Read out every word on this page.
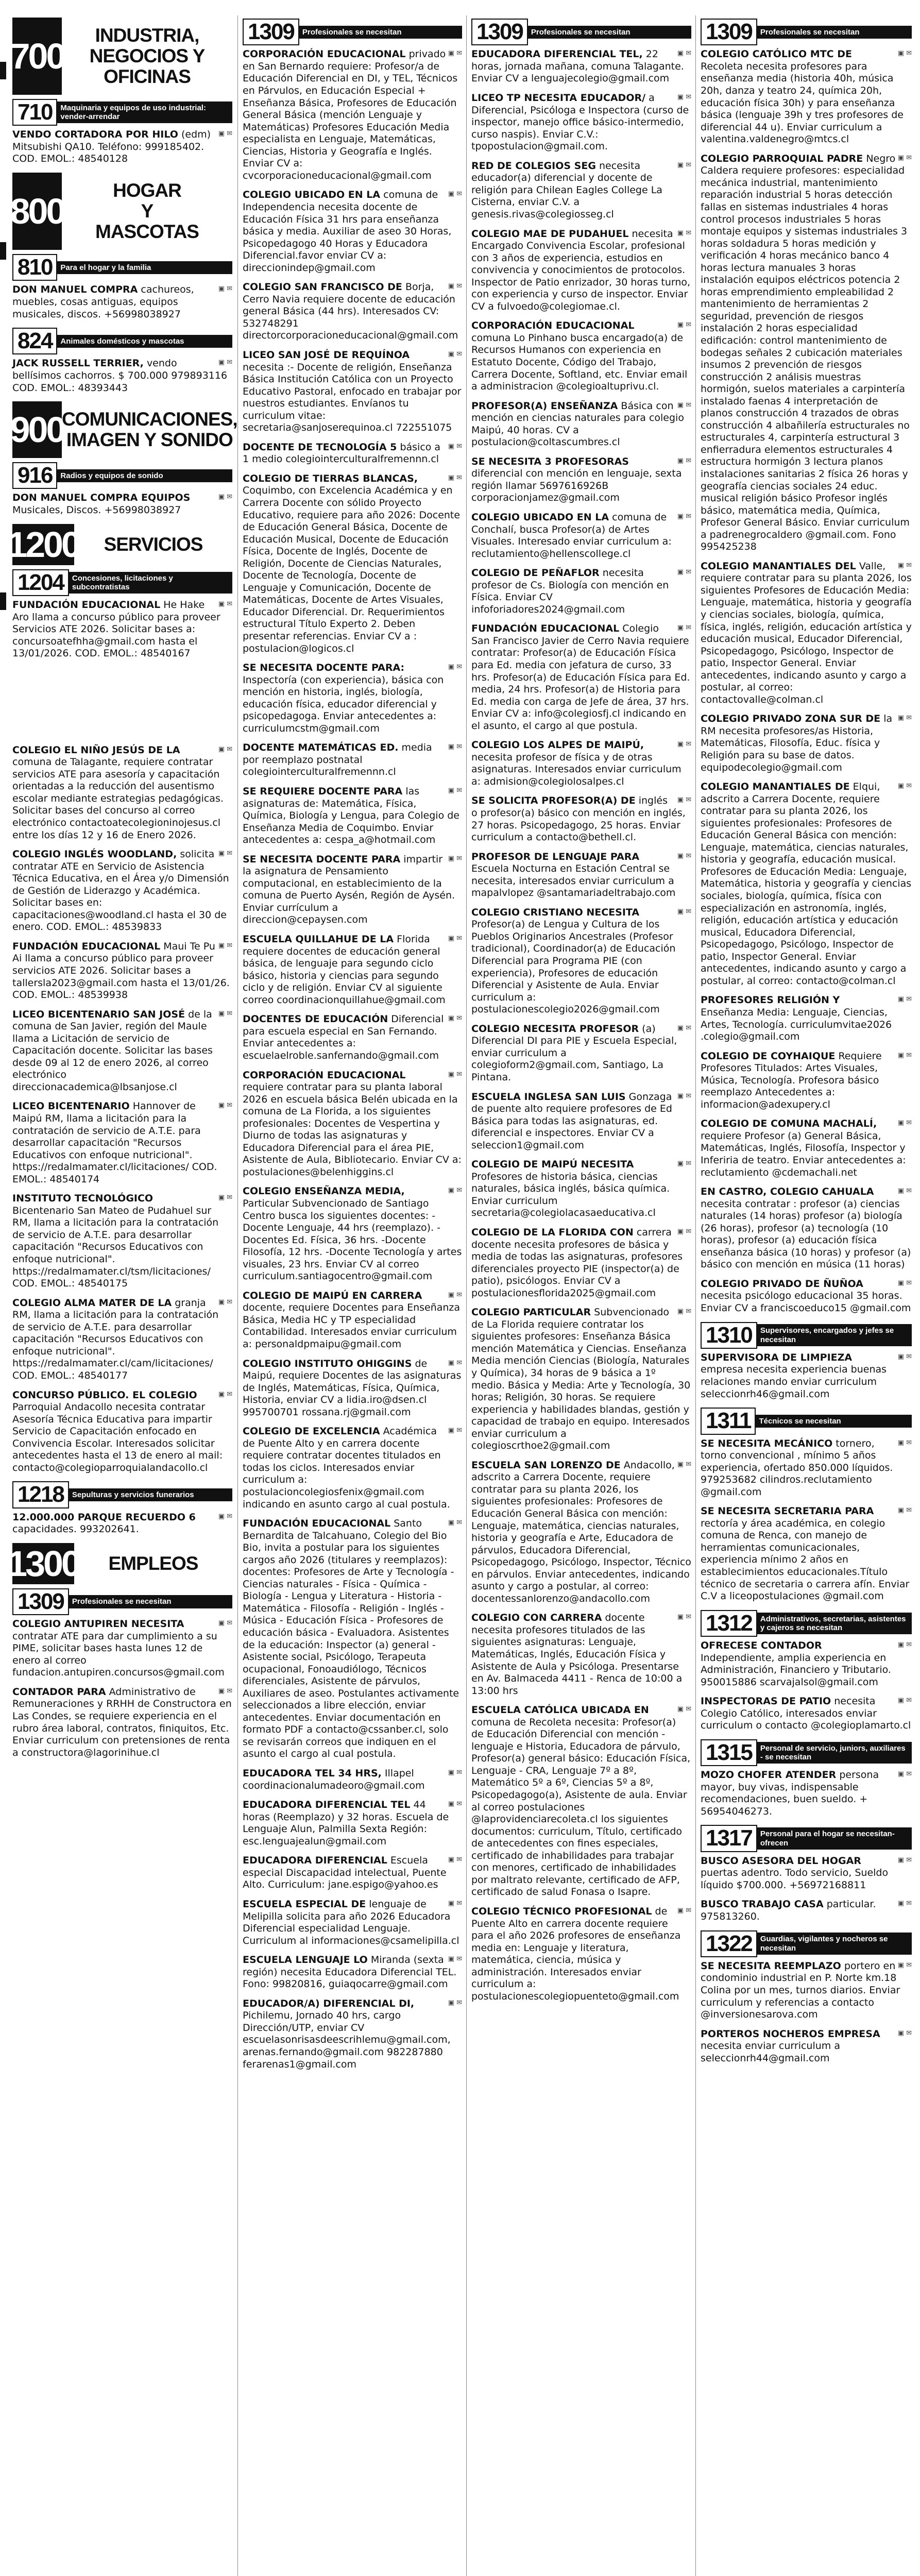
700
INDUSTRIA,
NEGOCIOS Y
OFICINAS
710	Maquinaria y equipos de uso industrial: vender-arrendar

▣ ✉
VENDO CORTADORA POR HILO (edm) Mitsubishi QA10. Teléfono: 999185402. COD. EMOL.: 48540128

800
HOGAR
Y
MASCOTAS
810	Para el hogar y la familia

▣ ✉
DON MANUEL COMPRA cachureos, muebles, cosas antiguas, equipos musicales, discos. +56998038927

824	Animales domésticos y mascotas

▣ ✉
JACK RUSSELL TERRIER, vendo bellísimos cachorros. $ 700.000 979893116 COD. EMOL.: 48393443

900
COMUNICACIONES,
IMAGEN Y SONIDO
916	Radios y equipos de sonido

▣ ✉
DON MANUEL COMPRA EQUIPOS Musicales, Discos. +56998038927

1200	SERVICIOS
1204	Concesiones, licitaciones y subcontratistas

▣ ✉
FUNDACIÓN EDUCACIONAL He Hake Aro llama a concurso público para proveer Servicios ATE 2026. Solicitar bases a: concursoatefhha@gmail.com hasta el 13/01/2026. COD. EMOL.: 48540167

▣ ✉
COLEGIO EL NIÑO JESÚS DE LA comuna de Talagante, requiere contratar servicios ATE para asesoría y capacitación orientadas a la reducción del ausentismo escolar mediante estrategias pedagógicas. Solicitar bases del concurso al correo electrónico contactoatecolegioninojesus.cl entre los días 12 y 16 de Enero 2026.

▣ ✉
COLEGIO INGLÉS WOODLAND, solicita contratar ATE en Servicio de Asistencia Técnica Educativa, en el Área y/o Dimensión de Gestión de Liderazgo y Académica. Solicitar bases en: capacitaciones@woodland.cl hasta el 30 de enero. COD. EMOL.: 48539833

▣ ✉
FUNDACIÓN EDUCACIONAL Maui Te Pu Ai llama a concurso público para proveer servicios ATE 2026. Solicitar bases a tallersla2023@gmail.com hasta el 13/01/26. COD. EMOL.: 48539938

▣ ✉
LICEO BICENTENARIO SAN JOSÉ de la comuna de San Javier, región del Maule llama a Licitación de servicio de Capacitación docente. Solicitar las bases desde 09 al 12 de enero 2026, al correo electrónico direccionacademica@lbsanjose.cl

▣ ✉
LICEO BICENTENARIO Hannover de Maipú RM, llama a licitación para la contratación de servicio de A.T.E. para desarrollar capacitación "Recursos Educativos con enfoque nutricional". https://redalmamater.cl/licitaciones/ COD. EMOL.: 48540174

▣ ✉
INSTITUTO TECNOLÓGICO Bicentenario San Mateo de Pudahuel sur RM, llama a licitación para la contratación de servicio de A.T.E. para desarrollar capacitación "Recursos Educativos con enfoque nutricional". https://redalmamater.cl/tsm/licitaciones/ COD. EMOL.: 48540175

▣ ✉
COLEGIO ALMA MATER DE LA granja RM, llama a licitación para la contratación de servicio de A.T.E. para desarrollar capacitación "Recursos Educativos con enfoque nutricional". https://redalmamater.cl/cam/licitaciones/ COD. EMOL.: 48540177

▣ ✉
CONCURSO PÚBLICO. EL COLEGIO Parroquial Andacollo necesita contratar Asesoría Técnica Educativa para impartir Servicio de Capacitación enfocado en Convivencia Escolar. Interesados solicitar antecedentes hasta el 13 de enero al mail: contacto@colegioparroquialandacollo.cl

1218	Sepulturas y servicios funerarios

▣ ✉
12.000.000 PARQUE RECUERDO 6 capacidades. 993202641.

1300	EMPLEOS
1309	Profesionales se necesitan

▣ ✉
COLEGIO ANTUPIREN NECESITA contratar ATE para dar cumplimiento a su PIME, solicitar bases hasta lunes 12 de enero al correo fundacion.antupiren.concursos@gmail.com

▣ ✉
CONTADOR PARA Administrativo de Remuneraciones y RRHH de Constructora en Las Condes, se requiere experiencia en el rubro área laboral, contratos, finiquitos, Etc. Enviar curriculum con pretensiones de renta a constructora@lagorinihue.cl

1309	Profesionales se necesitan

▣ ✉
CORPORACIÓN EDUCACIONAL privado en San Bernardo requiere: Profesor/a de Educación Diferencial en DI, y TEL, Técnicos en Párvulos, en Educación Especial + Enseñanza Básica, Profesores de Educación General Básica (mención Lenguaje y Matemáticas) Profesores Educación Media especialista en Lenguaje, Matemáticas, Ciencias, Historia y Geografía e Inglés. Enviar CV a: cvcorporacioneducacional@gmail.com

▣ ✉
COLEGIO UBICADO EN LA comuna de Independencia necesita docente de Educación Física 31 hrs para enseñanza básica y media. Auxiliar de aseo 30 Horas, Psicopedagogo 40 Horas y Educadora Diferencial.favor enviar CV a: direccionindep@gmail.com

▣ ✉
COLEGIO SAN FRANCISCO DE Borja, Cerro Navia requiere docente de educación general Básica (44 hrs). Interesados CV: 532748291 directorcorporacioneducacional@gmail.com

▣ ✉
LICEO SAN JOSÉ DE REQUÍNOA necesita :- Docente de religión, Enseñanza Básica Institución Católica con un Proyecto Educativo Pastoral, enfocado en trabajar por nuestros estudiantes. Envíanos tu curriculum vitae: secretaria@sanjoserequinoa.cl 722551075

▣ ✉
DOCENTE DE TECNOLOGÍA 5 básico a 1 medio colegiointerculturalfremennn.cl

▣ ✉
COLEGIO DE TIERRAS BLANCAS, Coquimbo, con Excelencia Académica y en Carrera Docente con sólido Proyecto Educativo, requiere para año 2026: Docente de Educación General Básica, Docente de Educación Musical, Docente de Educación Física, Docente de Inglés, Docente de Religión, Docente de Ciencias Naturales, Docente de Tecnología, Docente de Lenguaje y Comunicación, Docente de Matemáticas, Docente de Artes Visuales, Educador Diferencial. Dr. Requerimientos estructural Título Experto 2. Deben presentar referencias. Enviar CV a : postulacion@logicos.cl

▣ ✉
SE NECESITA DOCENTE PARA: Inspectoría (con experiencia), básica con mención en historia, inglés, biología, educación física, educador diferencial y psicopedagoga. Enviar antecedentes a: curriculumcstm@gmail.com

▣ ✉
DOCENTE MATEMÁTICAS ED. media por reemplazo postnatal colegiointerculturalfremennn.cl

▣ ✉
SE REQUIERE DOCENTE PARA las asignaturas de: Matemática, Física, Química, Biología y Lengua, para Colegio de Enseñanza Media de Coquimbo. Enviar antecedentes a: cespa_a@hotmail.com

▣ ✉
SE NECESITA DOCENTE PARA impartir la asignatura de Pensamiento computacional, en establecimiento de la comuna de Puerto Aysén, Región de Aysén. Enviar currículum a direccion@cepaysen.com

▣ ✉
ESCUELA QUILLAHUE DE LA Florida requiere docentes de educación general básica, de lenguaje para segundo ciclo básico, historia y ciencias para segundo ciclo y de religión. Enviar CV al siguiente correo coordinacionquillahue@gmail.com

▣ ✉
DOCENTES DE EDUCACIÓN Diferencial para escuela especial en San Fernando. Enviar antecedentes a: escuelaelroble.sanfernando@gmail.com

▣ ✉
CORPORACIÓN EDUCACIONAL requiere contratar para su planta laboral 2026 en escuela básica Belén ubicada en la comuna de La Florida, a los siguientes profesionales: Docentes de Vespertina y Diurno de todas las asignaturas y Educadora Diferencial para el área PIE, Asistente de Aula, Bibliotecario. Enviar CV a: postulaciones@belenhiggins.cl

▣ ✉
COLEGIO ENSEÑANZA MEDIA, Particular Subvencionado de Santiago Centro busca los siguientes docentes: -Docente Lenguaje, 44 hrs (reemplazo). -Docentes Ed. Física, 36 hrs. -Docente Filosofía, 12 hrs. -Docente Tecnología y artes visuales, 23 hrs. Enviar CV al correo curriculum.santiagocentro@gmail.com

▣ ✉
COLEGIO DE MAIPÚ EN CARRERA docente, requiere Docentes para Enseñanza Básica, Media HC y TP especialidad Contabilidad. Interesados enviar curriculum a: personaldpmaipu@gmail.com

▣ ✉
COLEGIO INSTITUTO OHIGGINS de Maipú, requiere Docentes de las asignaturas de Inglés, Matemáticas, Física, Química, Historia, enviar CV a lidia.iro@dsen.cl 995700701 rossana.rj@gmail.com

▣ ✉
COLEGIO DE EXCELENCIA Académica de Puente Alto y en carrera docente requiere contratar docentes titulados en todas los ciclos. Interesados enviar curriculum a: postulacioncolegiosfenix@gmail.com indicando en asunto cargo al cual postula.

▣ ✉
FUNDACIÓN EDUCACIONAL Santo Bernardita de Talcahuano, Colegio del Bio Bio, invita a postular para los siguientes cargos año 2026 (titulares y reemplazos): docentes: Profesores de Arte y Tecnología - Ciencias naturales - Física - Química - Biología - Lengua y Literatura - Historia - Matemática - Filosofía - Religión - Inglés - Música - Educación Física - Profesores de educación básica - Evaluadora. Asistentes de la educación: Inspector (a) general - Asistente social, Psicólogo, Terapeuta ocupacional, Fonoaudiólogo, Técnicos diferenciales, Asistente de párvulos, Auxiliares de aseo. Postulantes activamente seleccionados a libre elección, enviar antecedentes. Enviar documentación en formato PDF a contacto@cssanber.cl, solo se revisarán correos que indiquen en el asunto el cargo al cual postula.

▣ ✉
EDUCADORA TEL 34 HRS, Illapel coordinacionalumadeoro@gmail.com

▣ ✉
EDUCADORA DIFERENCIAL TEL 44 horas (Reemplazo) y 32 horas. Escuela de Lenguaje Alun, Palmilla Sexta Región: esc.lenguajealun@gmail.com

▣ ✉
EDUCADORA DIFERENCIAL Escuela especial Discapacidad intelectual, Puente Alto. Curriculum: jane.espigo@yahoo.es

▣ ✉
ESCUELA ESPECIAL DE lenguaje de Melipilla solicita para año 2026 Educadora Diferencial especialidad Lenguaje. Curriculum al informaciones@csamelipilla.cl

▣ ✉
ESCUELA LENGUAJE LO Miranda (sexta región) necesita Educadora Diferencial TEL. Fono: 99820816, guiaqocarre@gmail.com

▣ ✉
EDUCADOR/A) DIFERENCIAL DI, Pichilemu, Jornado 40 hrs, cargo Dirección/UTP, enviar CV escuelasonrisasdeescrihlemu@gmail.com, arenas.fernando@gmail.com 982287880 ferarenas1@gmail.com

1309	Profesionales se necesitan

▣ ✉
EDUCADORA DIFERENCIAL TEL, 22 horas, jornada mañana, comuna Talagante. Enviar CV a lenguajecolegio@gmail.com

▣ ✉
LICEO TP NECESITA EDUCADOR/ a Diferencial, Psicóloga e Inspectora (curso de inspector, manejo office básico-intermedio, curso naspis). Enviar C.V.: tpopostulacion@gmail.com.

▣ ✉
RED DE COLEGIOS SEG necesita educador(a) diferencial y docente de religión para Chilean Eagles College La Cisterna, enviar C.V. a genesis.rivas@colegiosseg.cl

▣ ✉
COLEGIO MAE DE PUDAHUEL necesita Encargado Convivencia Escolar, profesional con 3 años de experiencia, estudios en convivencia y conocimientos de protocolos. Inspector de Patio enrizador, 30 horas turno, con experiencia y curso de inspector. Enviar CV a fulvoedo@colegiomae.cl.

▣ ✉
CORPORACIÓN EDUCACIONAL comuna Lo Pinhano busca encargado(a) de Recursos Humanos con experiencia en Estatuto Docente, Código del Trabajo, Carrera Docente, Softland, etc. Enviar email a administracion @colegioaltuprivu.cl.

▣ ✉
PROFESOR(A) ENSEÑANZA Básica con mención en ciencias naturales para colegio Maipú, 40 horas. CV a postulacion@coltascumbres.cl

▣ ✉
SE NECESITA 3 PROFESORAS diferencial con mención en lenguaje, sexta región llamar 5697616926B corporacionjamez@gmail.com

▣ ✉
COLEGIO UBICADO EN LA comuna de Conchalí, busca Profesor(a) de Artes Visuales. Interesado enviar curriculum a: reclutamiento@hellenscollege.cl

▣ ✉
COLEGIO DE PEÑAFLOR necesita profesor de Cs. Biología con mención en Física. Enviar CV infoforiadores2024@gmail.com

▣ ✉
FUNDACIÓN EDUCACIONAL Colegio San Francisco Javier de Cerro Navia requiere contratar: Profesor(a) de Educación Física para Ed. media con jefatura de curso, 33 hrs. Profesor(a) de Educación Física para Ed. media, 24 hrs. Profesor(a) de Historia para Ed. media con carga de Jefe de área, 37 hrs. Enviar CV a: info@colegiosfj.cl indicando en el asunto, el cargo al que postula.

▣ ✉
COLEGIO LOS ALPES DE MAIPÚ, necesita profesor de física y de otras asignaturas. Interesados enviar curriculum a: admision@colegiolosalpes.cl

▣ ✉
SE SOLICITA PROFESOR(A) DE inglés o profesor(a) básico con mención en inglés, 27 horas. Psicopedagogo, 25 horas. Enviar curriculum a contacto@bethell.cl.

▣ ✉
PROFESOR DE LENGUAJE PARA Escuela Nocturna en Estación Central se necesita, interesados enviar curriculum a mapalvlopez @santamariadeltrabajo.com

▣ ✉
COLEGIO CRISTIANO NECESITA Profesor(a) de Lengua y Cultura de los Pueblos Originarios Ancestrales (Profesor tradicional), Coordinador(a) de Educación Diferencial para Programa PIE (con experiencia), Profesores de educación Diferencial y Asistente de Aula. Enviar curriculum a: postulacionescolegio2026@gmail.com

▣ ✉
COLEGIO NECESITA PROFESOR (a) Diferencial DI para PIE y Escuela Especial, enviar curriculum a colegioform2@gmail.com, Santiago, La Pintana.

▣ ✉
ESCUELA INGLESA SAN LUIS Gonzaga de puente alto requiere profesores de Ed Básica para todas las asignaturas, ed. diferencial e inspectores. Enviar CV a seleccion1@gmail.com

▣ ✉
COLEGIO DE MAIPÚ NECESITA Profesores de historia básica, ciencias naturales, básica inglés, básica química. Enviar curriculum secretaria@colegiolacasaeducativa.cl

▣ ✉
COLEGIO DE LA FLORIDA CON carrera docente necesita profesores de básica y media de todas las asignaturas, profesores diferenciales proyecto PIE (inspector(a) de patio), psicólogos. Enviar CV a postulacionesflorida2025@gmail.com

▣ ✉
COLEGIO PARTICULAR Subvencionado de La Florida requiere contratar los siguientes profesores: Enseñanza Básica mención Matemática y Ciencias. Enseñanza Media mención Ciencias (Biología, Naturales y Química), 34 horas de 9 básica a 1º medio. Básica y Media: Arte y Tecnología, 30 horas; Religión, 30 horas. Se requiere experiencia y habilidades blandas, gestión y capacidad de trabajo en equipo. Interesados enviar curriculum a colegioscrthoe2@gmail.com

▣ ✉
ESCUELA SAN LORENZO DE Andacollo, adscrito a Carrera Docente, requiere contratar para su planta 2026, los siguientes profesionales: Profesores de Educación General Básica con mención: Lenguaje, matemática, ciencias naturales, historia y geografía e Arte, Educadora de párvulos, Educadora Diferencial, Psicopedagogo, Psicólogo, Inspector, Técnico en párvulos. Enviar antecedentes, indicando asunto y cargo a postular, al correo: docentessanlorenzo@andacollo.com

▣ ✉
COLEGIO CON CARRERA docente necesita profesores titulados de las siguientes asignaturas: Lenguaje, Matemáticas, Inglés, Educación Física y Asistente de Aula y Psicóloga. Presentarse en Av. Balmaceda 4411 - Renca de 10:00 a 13:00 hrs

▣ ✉
ESCUELA CATÓLICA UBICADA EN comuna de Recoleta necesita: Profesor(a) de Educación Diferencial con mención - lenguaje e Historia, Educadora de párvulo, Profesor(a) general básico: Educación Física, Lenguaje - CRA, Lenguaje 7º a 8º, Matemático 5º a 6º, Ciencias 5º a 8º, Psicopedagogo(a), Asistente de aula. Enviar al correo postulaciones @laprovidenciarecoleta.cl los siguientes documentos: curriculum, Título, certificado de antecedentes con fines especiales, certificado de inhabilidades para trabajar con menores, certificado de inhabilidades por maltrato relevante, certificado de AFP, certificado de salud Fonasa o Isapre.

▣ ✉
COLEGIO TÉCNICO PROFESIONAL de Puente Alto en carrera docente requiere para el año 2026 profesores de enseñanza media en: Lenguaje y literatura, matemática, ciencia, música y administración. Interesados enviar curriculum a: postulacionescolegiopuenteto@gmail.com

1309	Profesionales se necesitan

▣ ✉
COLEGIO CATÓLICO MTC DE Recoleta necesita profesores para enseñanza media (historia 40h, música 20h, danza y teatro 24, química 20h, educación física 30h) y para enseñanza básica (lenguaje 39h y tres profesores de diferencial 44 u). Enviar curriculum a valentina.valdenegro@mtcs.cl

▣ ✉
COLEGIO PARROQUIAL PADRE Negro Caldera requiere profesores: especialidad mecánica industrial, mantenimiento reparación industrial 5 horas detección fallas en sistemas industriales 4 horas control procesos industriales 5 horas montaje equipos y sistemas industriales 3 horas soldadura 5 horas medición y verificación 4 horas mecánico banco 4 horas lectura manuales 3 horas instalación equipos eléctricos potencia 2 horas emprendimiento empleabilidad 2 mantenimiento de herramientas 2 seguridad, prevención de riesgos instalación 2 horas especialidad edificación: control mantenimiento de bodegas señales 2 cubicación materiales insumos 2 prevención de riesgos construcción 2 análisis muestras hormigón, suelos materiales a carpintería instalado faenas 4 interpretación de planos construcción 4 trazados de obras construcción 4 albañilería estructurales no estructurales 4, carpintería estructural 3 enfierradura elementos estructurales 4 estructura hormigón 3 lectura planos instalaciones sanitarias 2 física 26 horas y geografía ciencias sociales 24 educ. musical religión básico Profesor inglés básico, matemática media, Química, Profesor General Básico. Enviar curriculum a padrenegrocaldero @gmail.com. Fono 995425238

▣ ✉
COLEGIO MANANTIALES DEL Valle, requiere contratar para su planta 2026, los siguientes Profesores de Educación Media: Lenguaje, matemática, historia y geografía y ciencias sociales, biología, química, física, inglés, religión, educación artística y educación musical, Educador Diferencial, Psicopedagogo, Psicólogo, Inspector de patio, Inspector General. Enviar antecedentes, indicando asunto y cargo a postular, al correo: contactovalle@colman.cl

▣ ✉
COLEGIO PRIVADO ZONA SUR DE la RM necesita profesores/as Historia, Matemáticas, Filosofía, Educ. física y Religión para su base de datos. equipodecolegio@gmail.com

▣ ✉
COLEGIO MANANTIALES DE Elqui, adscrito a Carrera Docente, requiere contratar para su planta 2026, los siguientes profesionales: Profesores de Educación General Básica con mención: Lenguaje, matemática, ciencias naturales, historia y geografía, educación musical. Profesores de Educación Media: Lenguaje, Matemática, historia y geografía y ciencias sociales, biología, química, física con especialización en astronomía, inglés, religión, educación artística y educación musical, Educadora Diferencial, Psicopedagogo, Psicólogo, Inspector de patio, Inspector General. Enviar antecedentes, indicando asunto y cargo a postular, al correo: contacto@colman.cl

▣ ✉
PROFESORES RELIGIÓN Y Enseñanza Media: Lenguaje, Ciencias, Artes, Tecnología. curriculumvitae2026 .colegio@gmail.com

▣ ✉
COLEGIO DE COYHAIQUE Requiere Profesores Titulados: Artes Visuales, Música, Tecnología. Profesora básico reemplazo Antecedentes a: informacion@adexupery.cl

▣ ✉
COLEGIO DE COMUNA MACHALÍ, requiere Profesor (a) General Básica, Matemáticas, Inglés, Filosofía, Inspector y Inferiria de teatro. Enviar antecedentes a: reclutamiento @cdemachali.net

▣ ✉
EN CASTRO, COLEGIO CAHUALA necesita contratar : profesor (a) ciencias naturales (14 horas) profesor (a) biología (26 horas), profesor (a) tecnología (10 horas), profesor (a) educación física enseñanza básica (10 horas) y profesor (a) básico con mención en música (11 horas)

▣ ✉
COLEGIO PRIVADO DE ÑUÑOA necesita psicólogo educacional 35 horas. Enviar CV a franciscoeduco15 @gmail.com

1310	Supervisores, encargados y jefes se necesitan

▣ ✉
SUPERVISORA DE LIMPIEZA empresa necesita experiencia buenas relaciones mando enviar curriculum seleccionrh46@gmail.com

1311	Técnicos se necesitan

▣ ✉
SE NECESITA MECÁNICO tornero, torno convencional , mínimo 5 años experiencia, ofertado 850.000 líquidos. 979253682 cilindros.reclutamiento @gmail.com

▣ ✉
SE NECESITA SECRETARIA PARA rectoría y área académica, en colegio comuna de Renca, con manejo de herramientas comunicacionales, experiencia mínimo 2 años en establecimientos educacionales.Título técnico de secretaria o carrera afín. Enviar C.V a liceopostulaciones @gmail.com

1312	Administrativos, secretarias, asistentes y cajeros se necesitan

▣ ✉
OFRECESE CONTADOR Independiente, amplia experiencia en Administración, Financiero y Tributario. 950015886 scarvajalsol@gmail.com

▣ ✉
INSPECTORAS DE PATIO necesita Colegio Católico, interesados enviar curriculum o contacto @colegioplamarto.cl

1315	Personal de servicio, juniors, auxiliares - se necesitan

▣ ✉
MOZO CHOFER ATENDER persona mayor, buy vivas, indispensable recomendaciones, buen sueldo. + 56954046273.

1317	Personal para el hogar se necesitan-ofrecen

▣ ✉
BUSCO ASESORA DEL HOGAR puertas adentro. Todo servicio, Sueldo líquido $700.000. +56972168811

▣ ✉
BUSCO TRABAJO CASA particular. 975813260.

1322	Guardias, vigilantes y nocheros se necesitan

▣ ✉
SE NECESITA REEMPLAZO portero en condominio industrial en P. Norte km.18 Colina por un mes, turnos diarios. Enviar curriculum y referencias a contacto @inversionesarova.com

▣ ✉
PORTEROS NOCHEROS EMPRESA necesita enviar curriculum a seleccionrh44@gmail.com
